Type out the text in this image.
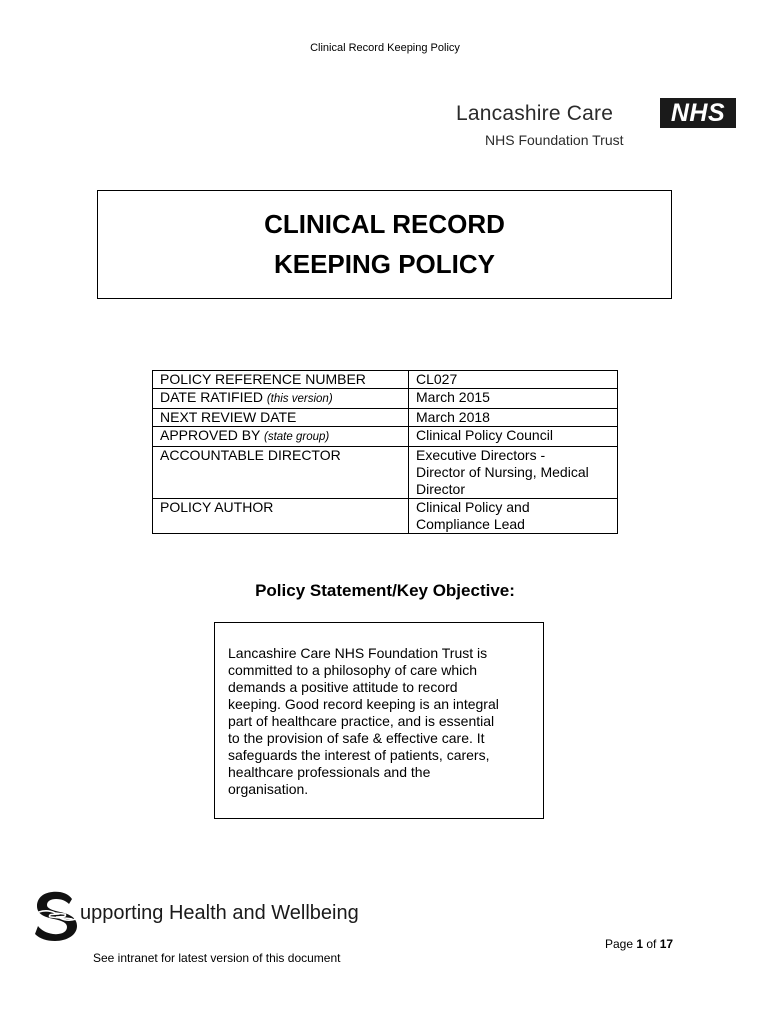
Clinical Record Keeping Policy
Lancashire Care	NHS
NHS Foundation Trust
CLINICAL RECORD KEEPING POLICY
POLICY REFERENCE NUMBER	CL027

DATE RATIFIED (this version)	March 2015

NEXT REVIEW DATE	March 2018

APPROVED BY (state group)	Clinical Policy Council

ACCOUNTABLE DIRECTOR	Executive Directors -
Director of Nursing, Medical
Director

POLICY AUTHOR	Clinical Policy and
Compliance Lead
Policy Statement/Key Objective:
Lancashire Care NHS Foundation Trust is
committed to a philosophy of care which
demands a positive attitude to record
keeping. Good record keeping is an integral
part of healthcare practice, and is essential
to the provision of safe & effective care. It
safeguards the interest of patients, carers,
healthcare professionals and the
organisation.
upporting Health and Wellbeing
Page 1 of 17
See intranet for latest version of this document
